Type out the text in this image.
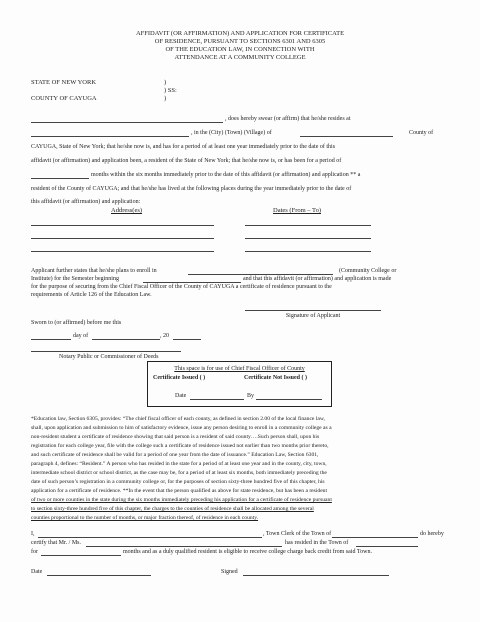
AFFIDAVIT (OR AFFIRMATION) AND APPLICATION FOR CERTIFICATE
OF RESIDENCE, PURSUANT TO SECTIONS 6301 AND 6305
OF THE EDUCATION LAW, IN CONNECTION WITH
ATTENDANCE AT A COMMUNITY COLLEGE
STATE OF NEW YORK
COUNTY OF CAYUGA
)
) SS:
)
, does hereby swear (or affirm) that he/she resides at
, in the (City) (Town) (Village) of	County of
CAYUGA, State of New York; that he/she now is, and has for a period of at least one year immediately prior to the date of this
affidavit (or affirmation) and application been, a resident of the State of New York; that he/she now is, or has been for a period of
months within the six months immediately prior to the date of this affidavit (or affirmation) and application ** a
resident of the County of CAYUGA; and that he/she has lived at the following places during the year immediately prior to the date of
this affidavit (or affirmation) and application:
Address(es)	Dates (From – To)
Applicant further states that he/she plans to enroll in	(Community College or
Institute) for the Semester beginning	and that this affidavit (or affirmation) and application is made
for the purpose of securing from the Chief Fiscal Officer of the County of CAYUGA a certificate of residence pursuant to the
requirements of Article 126 of the Education Law.
Signature of Applicant
Sworn to (or affirmed) before me this
day of	, 20
Notary Public or Commissioner of Deeds
This space is for use of Chief Fiscal Officer of County
Certificate Issued ( )	Certificate Not Issued ( )
Date	By
*Education law, Section 6305, provides: “The chief fiscal officer of each county, as defined in section 2.00 of the local finance law,
shall, upon application and submission to him of satisfactory evidence, issue any person desiring to enroll in a community college as a
non-resident student a certificate of residence showing that said person is a resident of said county….Such person shall, upon his
registration for each college year, file with the college such a certificate of residence issued not earlier than two months prior thereto,
and such certificate of residence shall be valid for a period of one year from the date of issuance.” Education Law, Section 6301,
paragraph 4, defines: “Resident.” A person who has resided in the state for a period of at least one year and in the county, city, town,
intermediate school district or school district, as the case may be, for a period of at least six months, both immediately preceding the
date of such person’s registration in a community college or, for the purposes of section sixty-three hundred five of this chapter, his
application for a certificate of residence. **In the event that the person qualified as above for state residence, but has been a resident
of two or more counties in the state during the six months immediately preceding his application for a certificate of residence pursuant
to section sixty-three hundred five of this chapter, the charges to the counties of residence shall be allocated among the several
counties proportional to the number of months, or major fraction thereof, of residence in each county.
I,	, Town Clerk of the Town of	do hereby
certify that Mr. / Ms.	has resided in the Town of
for	months and as a duly qualified resident is eligible to receive college charge back credit from said Town.
Date	Signed
